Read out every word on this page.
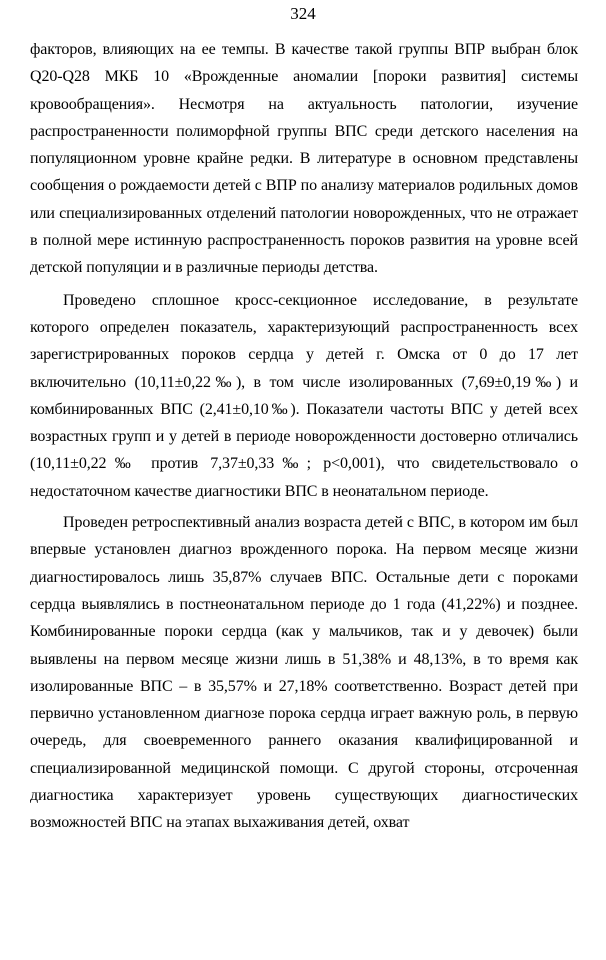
324

факторов, влияющих на ее темпы. В качестве такой группы ВПР выбран блок Q20-Q28 МКБ 10 «Врожденные аномалии [пороки развития] системы кровообращения». Несмотря на актуальность патологии, изучение распространенности полиморфной группы ВПС среди детского населения на популяционном уровне крайне редки. В литературе в основном представлены сообщения о рождаемости детей с ВПР по анализу материалов родильных домов или специализированных отделений патологии новорожденных, что не отражает в полной мере истинную распространенность пороков развития на уровне всей детской популяции и в различные периоды детства.

Проведено сплошное кросс-секционное исследование, в результате которого определен показатель, характеризующий распространенность всех зарегистрированных пороков сердца у детей г. Омска от 0 до 17 лет включительно (10,11±0,22‰), в том числе изолированных (7,69±0,19‰) и комбинированных ВПС (2,41±0,10‰). Показатели частоты ВПС у детей всех возрастных групп и у детей в периоде новорожденности достоверно отличались (10,11±0,22‰ против 7,37±0,33‰; р<0,001), что свидетельствовало о недостаточном качестве диагностики ВПС в неонатальном периоде.

Проведен ретроспективный анализ возраста детей с ВПС, в котором им был впервые установлен диагноз врожденного порока. На первом месяце жизни диагностировалось лишь 35,87% случаев ВПС. Остальные дети с пороками сердца выявлялись в постнеонатальном периоде до 1 года (41,22%) и позднее. Комбинированные пороки сердца (как у мальчиков, так и у девочек) были выявлены на первом месяце жизни лишь в 51,38% и 48,13%, в то время как изолированные ВПС – в 35,57% и 27,18% соответственно. Возраст детей при первично установленном диагнозе порока сердца играет важную роль, в первую очередь, для своевременного раннего оказания квалифицированной и специализированной медицинской помощи. С другой стороны, отсроченная диагностика характеризует уровень существующих диагностических возможностей ВПС на этапах выхаживания детей, охват
